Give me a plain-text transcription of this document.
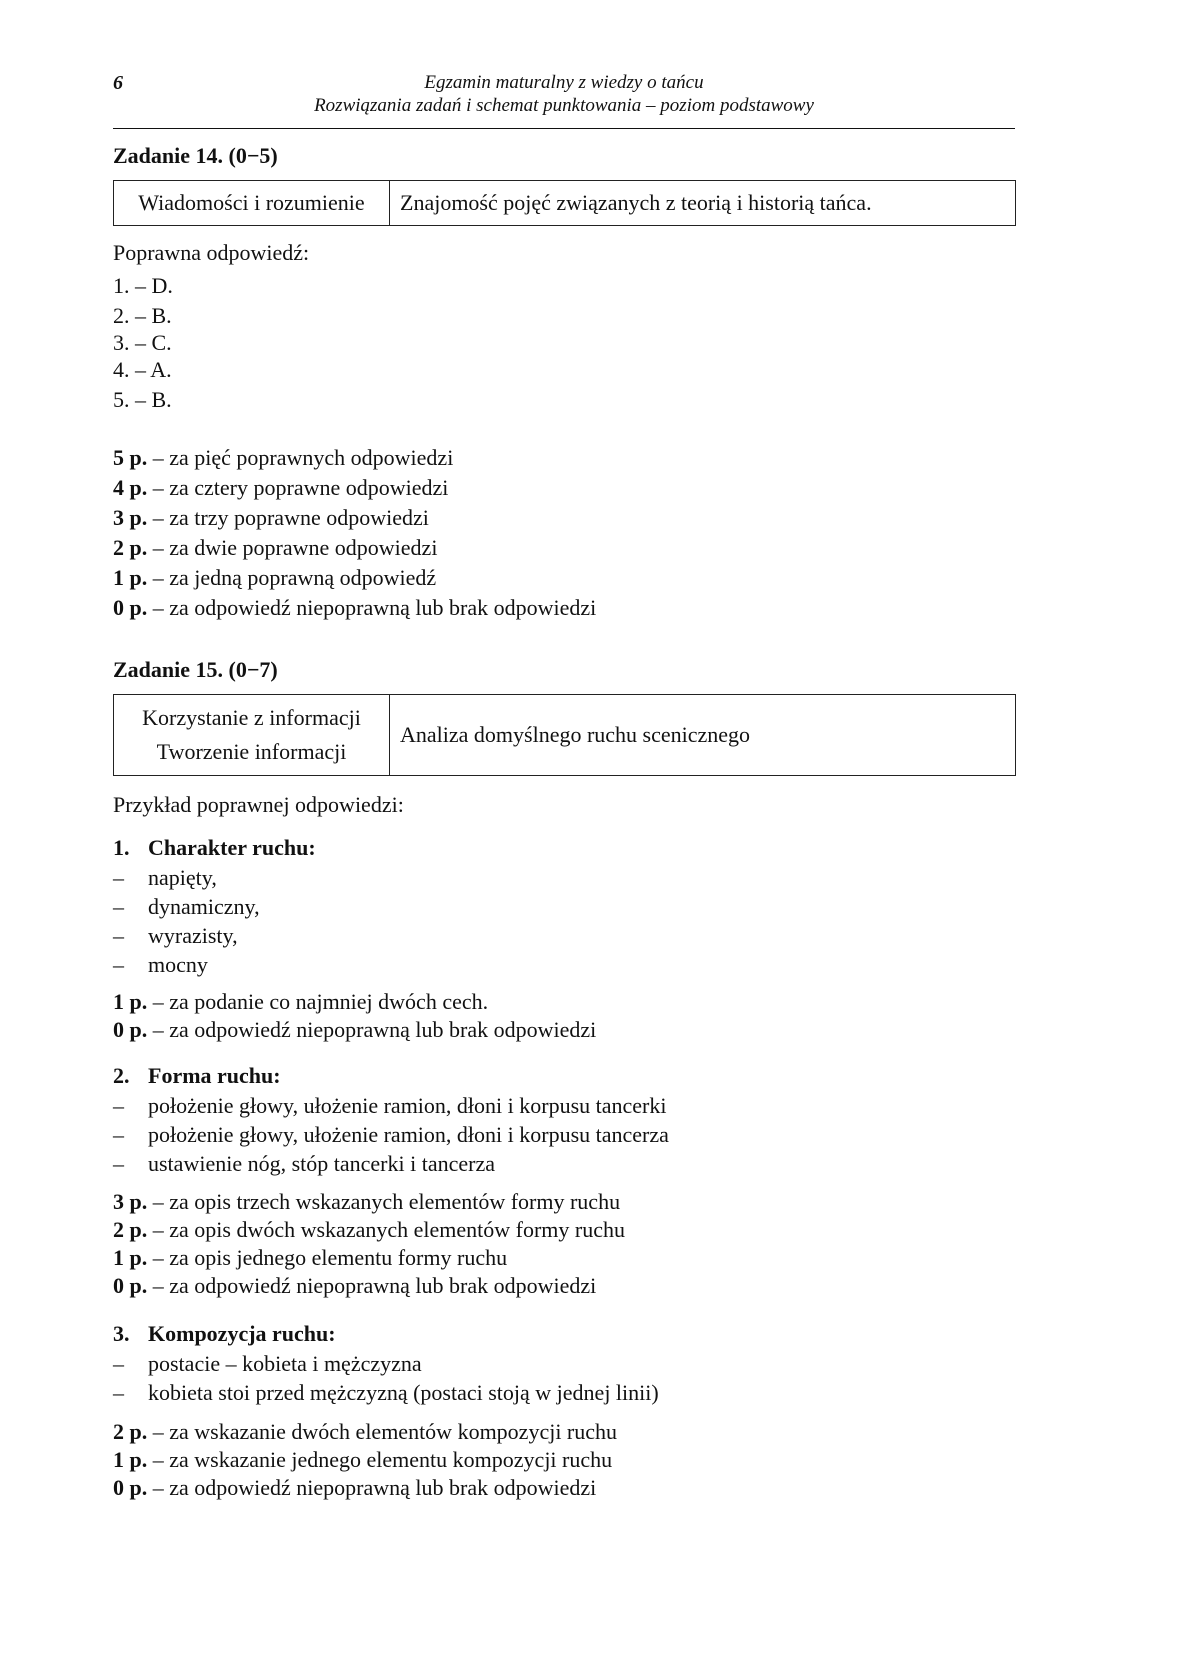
6	Egzamin maturalny z wiedzy o tańcu
Rozwiązania zadań i schemat punktowania – poziom podstawowy
Zadanie 14. (0−5)
Wiadomości i rozumienie	Znajomość pojęć związanych z teorią i historią tańca.
Poprawna odpowiedź:
1. – D.
2. – B.
3. – C.
4. – A.
5. – B.
5 p. – za pięć poprawnych odpowiedzi
4 p. – za cztery poprawne odpowiedzi
3 p. – za trzy poprawne odpowiedzi
2 p. – za dwie poprawne odpowiedzi
1 p. – za jedną poprawną odpowiedź
0 p. – za odpowiedź niepoprawną lub brak odpowiedzi
Zadanie 15. (0−7)
Korzystanie z informacji
Tworzenie informacji
	Analiza domyślnego ruchu scenicznego
Przykład poprawnej odpowiedzi:
1. Charakter ruchu:
– napięty,
– dynamiczny,
– wyrazisty,
– mocny
1 p. – za podanie co najmniej dwóch cech.
0 p. – za odpowiedź niepoprawną lub brak odpowiedzi
2. Forma ruchu:
– położenie głowy, ułożenie ramion, dłoni i korpusu tancerki
– położenie głowy, ułożenie ramion, dłoni i korpusu tancerza
– ustawienie nóg, stóp tancerki i tancerza
3 p. – za opis trzech wskazanych elementów formy ruchu
2 p. – za opis dwóch wskazanych elementów formy ruchu
1 p. – za opis jednego elementu formy ruchu
0 p. – za odpowiedź niepoprawną lub brak odpowiedzi
3. Kompozycja ruchu:
– postacie – kobieta i mężczyzna
– kobieta stoi przed mężczyzną (postaci stoją w jednej linii)
2 p. – za wskazanie dwóch elementów kompozycji ruchu
1 p. – za wskazanie jednego elementu kompozycji ruchu
0 p. – za odpowiedź niepoprawną lub brak odpowiedzi
